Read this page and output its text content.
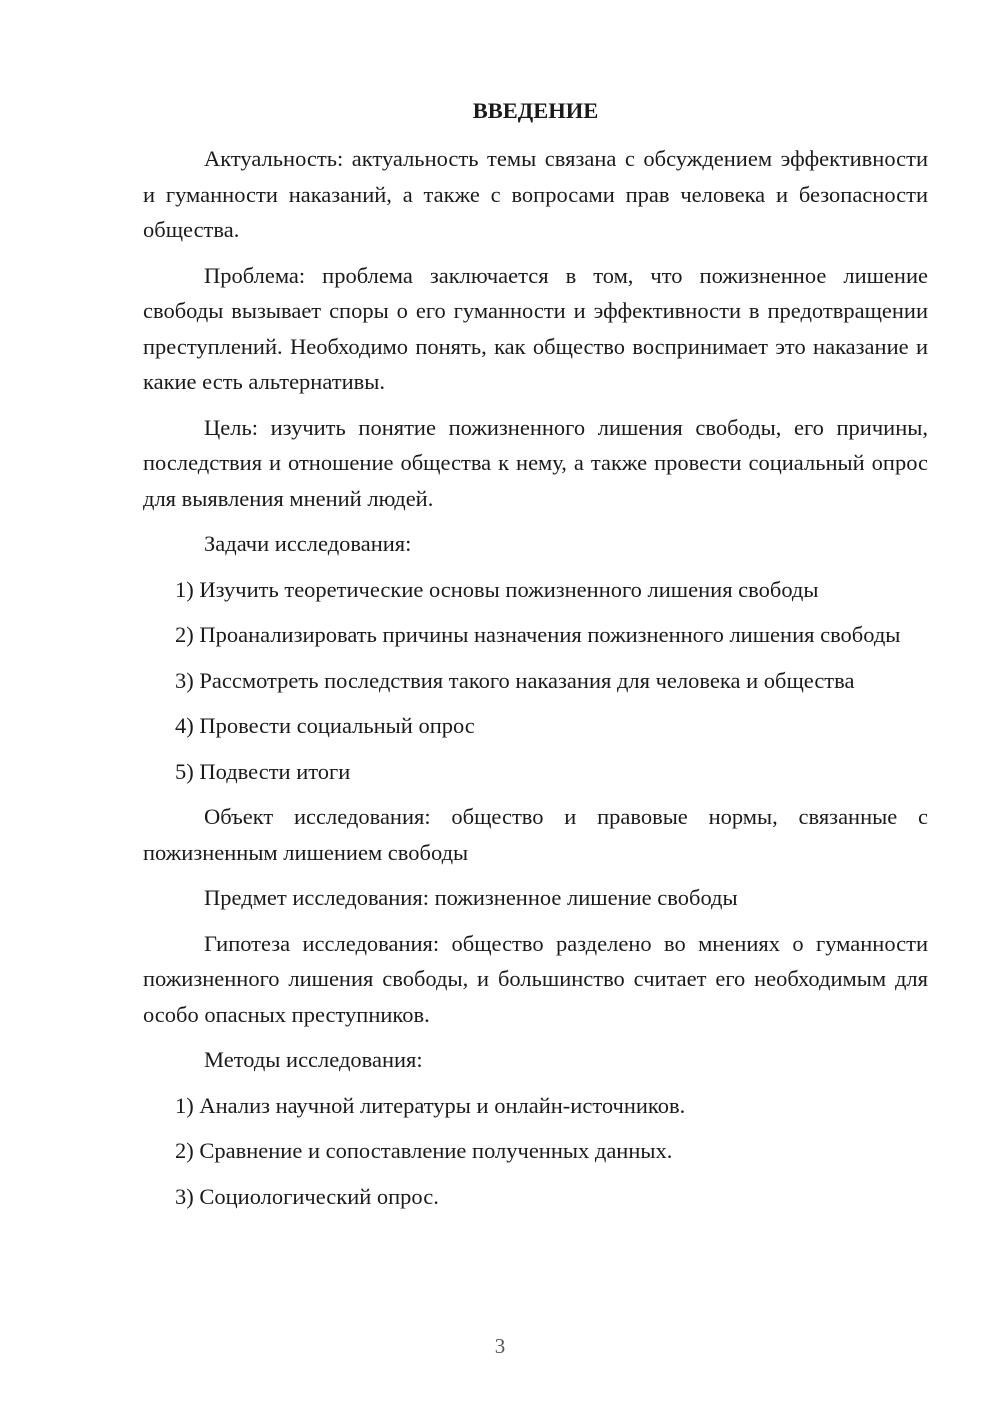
ВВЕДЕНИЕ

Актуальность: актуальность темы связана с обсуждением эффективности и гуманности наказаний, а также с вопросами прав человека и безопасности общества.

Проблема: проблема заключается в том, что пожизненное лишение свободы вызывает споры о его гуманности и эффективности в предотвращении преступлений. Необходимо понять, как общество воспринимает это наказание и какие есть альтернативы.

Цель: изучить понятие пожизненного лишения свободы, его причины, последствия и отношение общества к нему, а также провести социальный опрос для выявления мнений людей.

Задачи исследования:

1) Изучить теоретические основы пожизненного лишения свободы

2) Проанализировать причины назначения пожизненного лишения свободы

3) Рассмотреть последствия такого наказания для человека и общества

4) Провести социальный опрос

5) Подвести итоги

Объект исследования: общество и правовые нормы, связанные с пожизненным лишением свободы

Предмет исследования: пожизненное лишение свободы

Гипотеза исследования: общество разделено во мнениях о гуманности пожизненного лишения свободы, и большинство считает его необходимым для особо опасных преступников.

Методы исследования:

1) Анализ научной литературы и онлайн-источников.

2) Сравнение и сопоставление полученных данных.

3) Социологический опрос.

3
